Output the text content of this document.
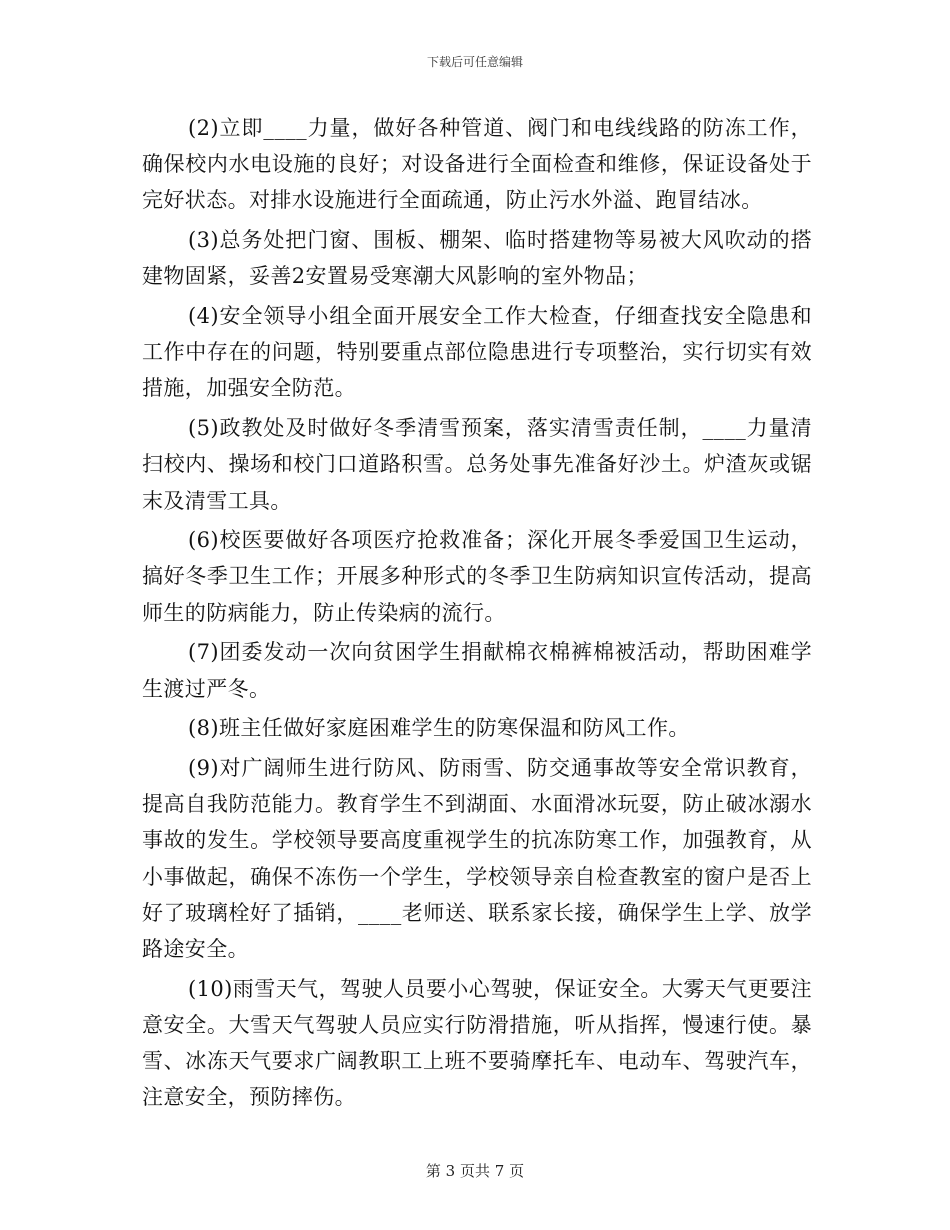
下载后可任意编辑

(2)立即____力量，做好各种管道、阀门和电线线路的防冻工作，确保校内水电设施的良好；对设备进行全面检查和维修，保证设备处于完好状态。对排水设施进行全面疏通，防止污水外溢、跑冒结冰。

(3)总务处把门窗、围板、棚架、临时搭建物等易被大风吹动的搭建物固紧，妥善2安置易受寒潮大风影响的室外物品；

(4)安全领导小组全面开展安全工作大检查，仔细查找安全隐患和工作中存在的问题，特别要重点部位隐患进行专项整治，实行切实有效措施，加强安全防范。

(5)政教处及时做好冬季清雪预案，落实清雪责任制，____力量清扫校内、操场和校门口道路积雪。总务处事先准备好沙土。炉渣灰或锯末及清雪工具。

(6)校医要做好各项医疗抢救准备；深化开展冬季爱国卫生运动，搞好冬季卫生工作；开展多种形式的冬季卫生防病知识宣传活动，提高师生的防病能力，防止传染病的流行。

(7)团委发动一次向贫困学生捐献棉衣棉裤棉被活动，帮助困难学生渡过严冬。

(8)班主任做好家庭困难学生的防寒保温和防风工作。

(9)对广阔师生进行防风、防雨雪、防交通事故等安全常识教育，提高自我防范能力。教育学生不到湖面、水面滑冰玩耍，防止破冰溺水事故的发生。学校领导要高度重视学生的抗冻防寒工作，加强教育，从小事做起，确保不冻伤一个学生，学校领导亲自检查教室的窗户是否上好了玻璃栓好了插销，____老师送、联系家长接，确保学生上学、放学路途安全。

(10)雨雪天气，驾驶人员要小心驾驶，保证安全。大雾天气更要注意安全。大雪天气驾驶人员应实行防滑措施，听从指挥，慢速行使。暴雪、冰冻天气要求广阔教职工上班不要骑摩托车、电动车、驾驶汽车，注意安全，预防摔伤。

第 3 页共 7 页
